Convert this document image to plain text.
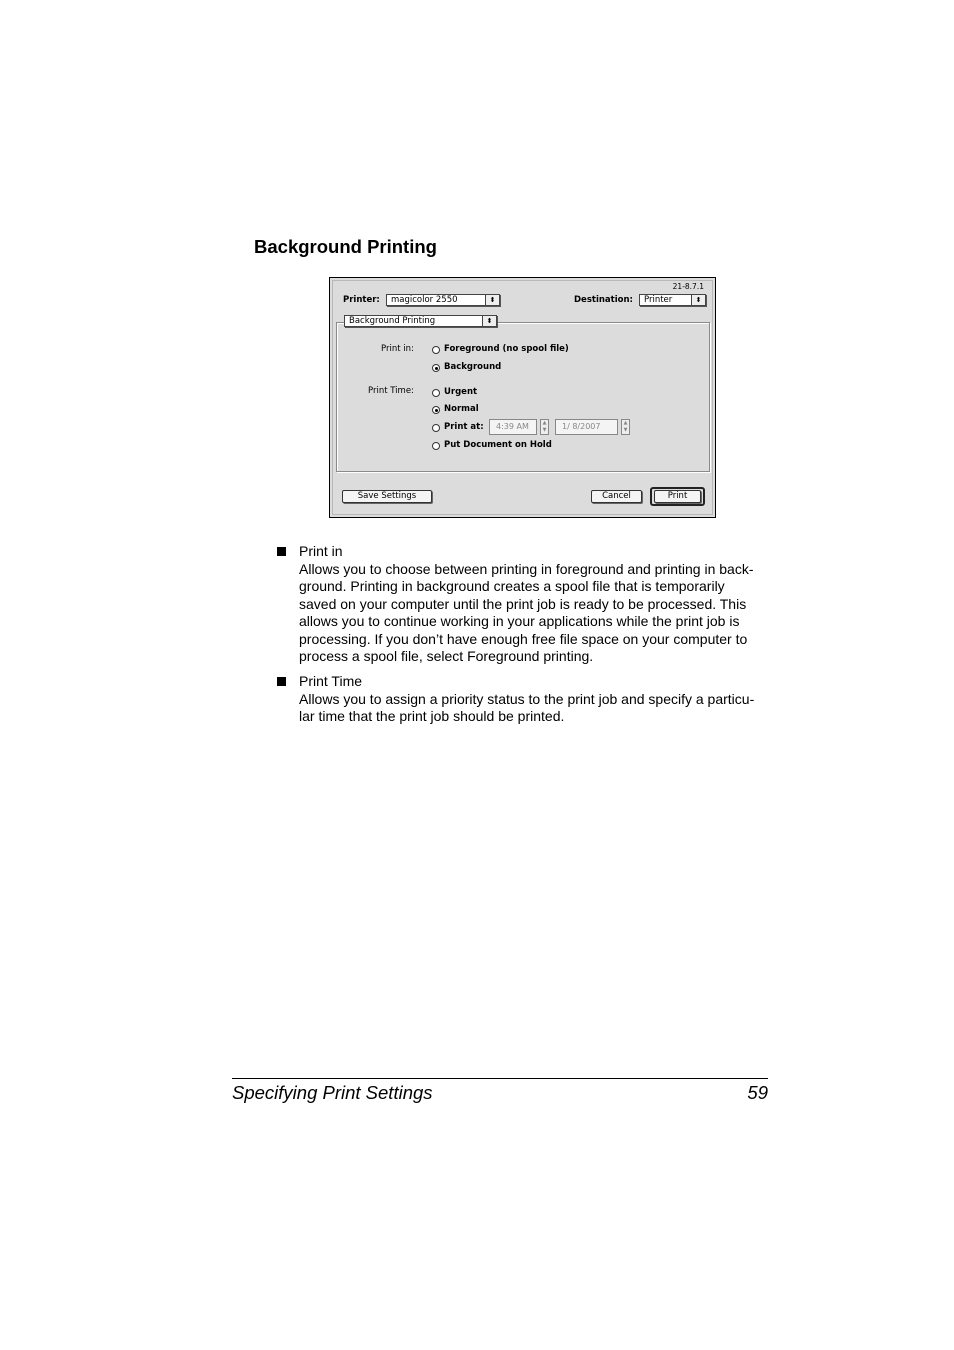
Background Printing
21-8.7.1
Printer:	magicolor 2550	⬍	Destination:	Printer	⬍
Background Printing	⬍
Print in:	Foreground (no spool file)
Background
Print Time:	Urgent
Normal
Print at:	4:39 AM	▲
▼	1/ 8/2007	▲
▼
Put Document on Hold
Save Settings	Cancel	Print
Print in
Allows you to choose between printing in foreground and printing in back-
ground. Printing in background creates a spool file that is temporarily
saved on your computer until the print job is ready to be processed. This
allows you to continue working in your applications while the print job is
processing. If you don’t have enough free file space on your computer to
process a spool file, select Foreground printing.
Print Time
Allows you to assign a priority status to the print job and specify a particu-
lar time that the print job should be printed.
Specifying Print Settings	59
